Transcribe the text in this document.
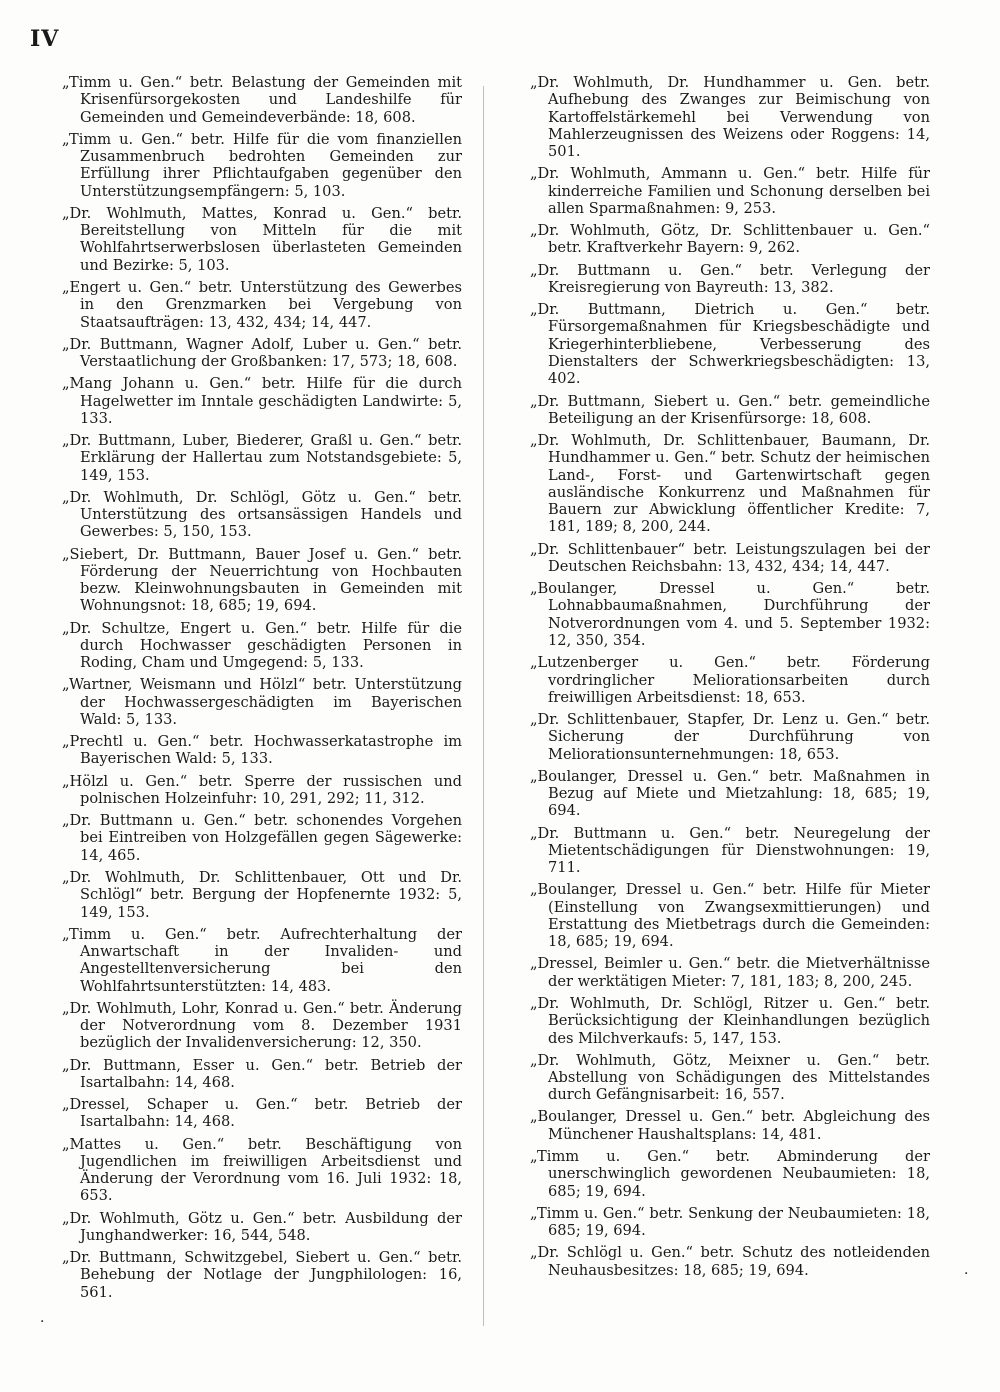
IV

„Timm u. Gen.“ betr. Belastung der Gemeinden mit Krisenfürsorgekosten und Landeshilfe für Gemeinden und Gemeindeverbände: 18, 608.

„Timm u. Gen.“ betr. Hilfe für die vom finanziellen Zusammenbruch bedrohten Gemeinden zur Erfüllung ihrer Pflichtaufgaben gegenüber den Unterstützungsempfängern: 5, 103.

„Dr. Wohlmuth, Mattes, Konrad u. Gen.“ betr. Bereitstellung von Mitteln für die mit Wohlfahrtserwerbslosen überlasteten Gemeinden und Bezirke: 5, 103.

„Engert u. Gen.“ betr. Unterstützung des Gewerbes in den Grenzmarken bei Vergebung von Staatsaufträgen: 13, 432, 434; 14, 447.

„Dr. Buttmann, Wagner Adolf, Luber u. Gen.“ betr. Verstaatlichung der Großbanken: 17, 573; 18, 608.

„Mang Johann u. Gen.“ betr. Hilfe für die durch Hagelwetter im Inntale geschädigten Landwirte: 5, 133.

„Dr. Buttmann, Luber, Biederer, Graßl u. Gen.“ betr. Erklärung der Hallertau zum Notstandsgebiete: 5, 149, 153.

„Dr. Wohlmuth, Dr. Schlögl, Götz u. Gen.“ betr. Unterstützung des ortsansässigen Handels und Gewerbes: 5, 150, 153.

„Siebert, Dr. Buttmann, Bauer Josef u. Gen.“ betr. Förderung der Neuerrichtung von Hochbauten bezw. Kleinwohnungsbauten in Gemeinden mit Wohnungsnot: 18, 685; 19, 694.

„Dr. Schultze, Engert u. Gen.“ betr. Hilfe für die durch Hochwasser geschädigten Personen in Roding, Cham und Umgegend: 5, 133.

„Wartner, Weismann und Hölzl“ betr. Unterstützung der Hochwassergeschädigten im Bayerischen Wald: 5, 133.

„Prechtl u. Gen.“ betr. Hochwasserkatastrophe im Bayerischen Wald: 5, 133.

„Hölzl u. Gen.“ betr. Sperre der russischen und polnischen Holzeinfuhr: 10, 291, 292; 11, 312.

„Dr. Buttmann u. Gen.“ betr. schonendes Vorgehen bei Eintreiben von Holzgefällen gegen Sägewerke: 14, 465.

„Dr. Wohlmuth, Dr. Schlittenbauer, Ott und Dr. Schlögl“ betr. Bergung der Hopfenernte 1932: 5, 149, 153.

„Timm u. Gen.“ betr. Aufrechterhaltung der Anwartschaft in der Invaliden- und Angestelltenversicherung bei den Wohlfahrtsunterstützten: 14, 483.

„Dr. Wohlmuth, Lohr, Konrad u. Gen.“ betr. Änderung der Notverordnung vom 8. Dezember 1931 bezüglich der Invalidenversicherung: 12, 350.

„Dr. Buttmann, Esser u. Gen.“ betr. Betrieb der Isartalbahn: 14, 468.

„Dressel, Schaper u. Gen.“ betr. Betrieb der Isartalbahn: 14, 468.

„Mattes u. Gen.“ betr. Beschäftigung von Jugendlichen im freiwilligen Arbeitsdienst und Änderung der Verordnung vom 16. Juli 1932: 18, 653.

„Dr. Wohlmuth, Götz u. Gen.“ betr. Ausbildung der Junghandwerker: 16, 544, 548.

„Dr. Buttmann, Schwitzgebel, Siebert u. Gen.“ betr. Behebung der Notlage der Jungphilologen: 16, 561.

„Dr. Wohlmuth, Dr. Hundhammer u. Gen. betr. Aufhebung des Zwanges zur Beimischung von Kartoffelstärkemehl bei Verwendung von Mahlerzeugnissen des Weizens oder Roggens: 14, 501.

„Dr. Wohlmuth, Ammann u. Gen.“ betr. Hilfe für kinderreiche Familien und Schonung derselben bei allen Sparmaßnahmen: 9, 253.

„Dr. Wohlmuth, Götz, Dr. Schlittenbauer u. Gen.“ betr. Kraftverkehr Bayern: 9, 262.

„Dr. Buttmann u. Gen.“ betr. Verlegung der Kreisregierung von Bayreuth: 13, 382.

„Dr. Buttmann, Dietrich u. Gen.“ betr. Fürsorgemaßnahmen für Kriegsbeschädigte und Kriegerhinterbliebene, Verbesserung des Dienstalters der Schwerkriegsbeschädigten: 13, 402.

„Dr. Buttmann, Siebert u. Gen.“ betr. gemeindliche Beteiligung an der Krisenfürsorge: 18, 608.

„Dr. Wohlmuth, Dr. Schlittenbauer, Baumann, Dr. Hundhammer u. Gen.“ betr. Schutz der heimischen Land-, Forst- und Gartenwirtschaft gegen ausländische Konkurrenz und Maßnahmen für Bauern zur Abwicklung öffentlicher Kredite: 7, 181, 189; 8, 200, 244.

„Dr. Schlittenbauer“ betr. Leistungszulagen bei der Deutschen Reichsbahn: 13, 432, 434; 14, 447.

„Boulanger, Dressel u. Gen.“ betr. Lohnabbaumaßnahmen, Durchführung der Notverordnungen vom 4. und 5. September 1932: 12, 350, 354.

„Lutzenberger u. Gen.“ betr. Förderung vordringlicher Meliorationsarbeiten durch freiwilligen Arbeitsdienst: 18, 653.

„Dr. Schlittenbauer, Stapfer, Dr. Lenz u. Gen.“ betr. Sicherung der Durchführung von Meliorationsunternehmungen: 18, 653.

„Boulanger, Dressel u. Gen.“ betr. Maßnahmen in Bezug auf Miete und Mietzahlung: 18, 685; 19, 694.

„Dr. Buttmann u. Gen.“ betr. Neuregelung der Mietentschädigungen für Dienstwohnungen: 19, 711.

„Boulanger, Dressel u. Gen.“ betr. Hilfe für Mieter (Einstellung von Zwangsexmittierungen) und Erstattung des Mietbetrags durch die Gemeinden: 18, 685; 19, 694.

„Dressel, Beimler u. Gen.“ betr. die Mietverhältnisse der werktätigen Mieter: 7, 181, 183; 8, 200, 245.

„Dr. Wohlmuth, Dr. Schlögl, Ritzer u. Gen.“ betr. Berücksichtigung der Kleinhandlungen bezüglich des Milchverkaufs: 5, 147, 153.

„Dr. Wohlmuth, Götz, Meixner u. Gen.“ betr. Abstellung von Schädigungen des Mittelstandes durch Gefängnisarbeit: 16, 557.

„Boulanger, Dressel u. Gen.“ betr. Abgleichung des Münchener Haushaltsplans: 14, 481.

„Timm u. Gen.“ betr. Abminderung der unerschwinglich gewordenen Neubaumieten: 18, 685; 19, 694.

„Timm u. Gen.“ betr. Senkung der Neubaumieten: 18, 685; 19, 694.

„Dr. Schlögl u. Gen.“ betr. Schutz des notleidenden Neuhausbesitzes: 18, 685; 19, 694.

·
·
